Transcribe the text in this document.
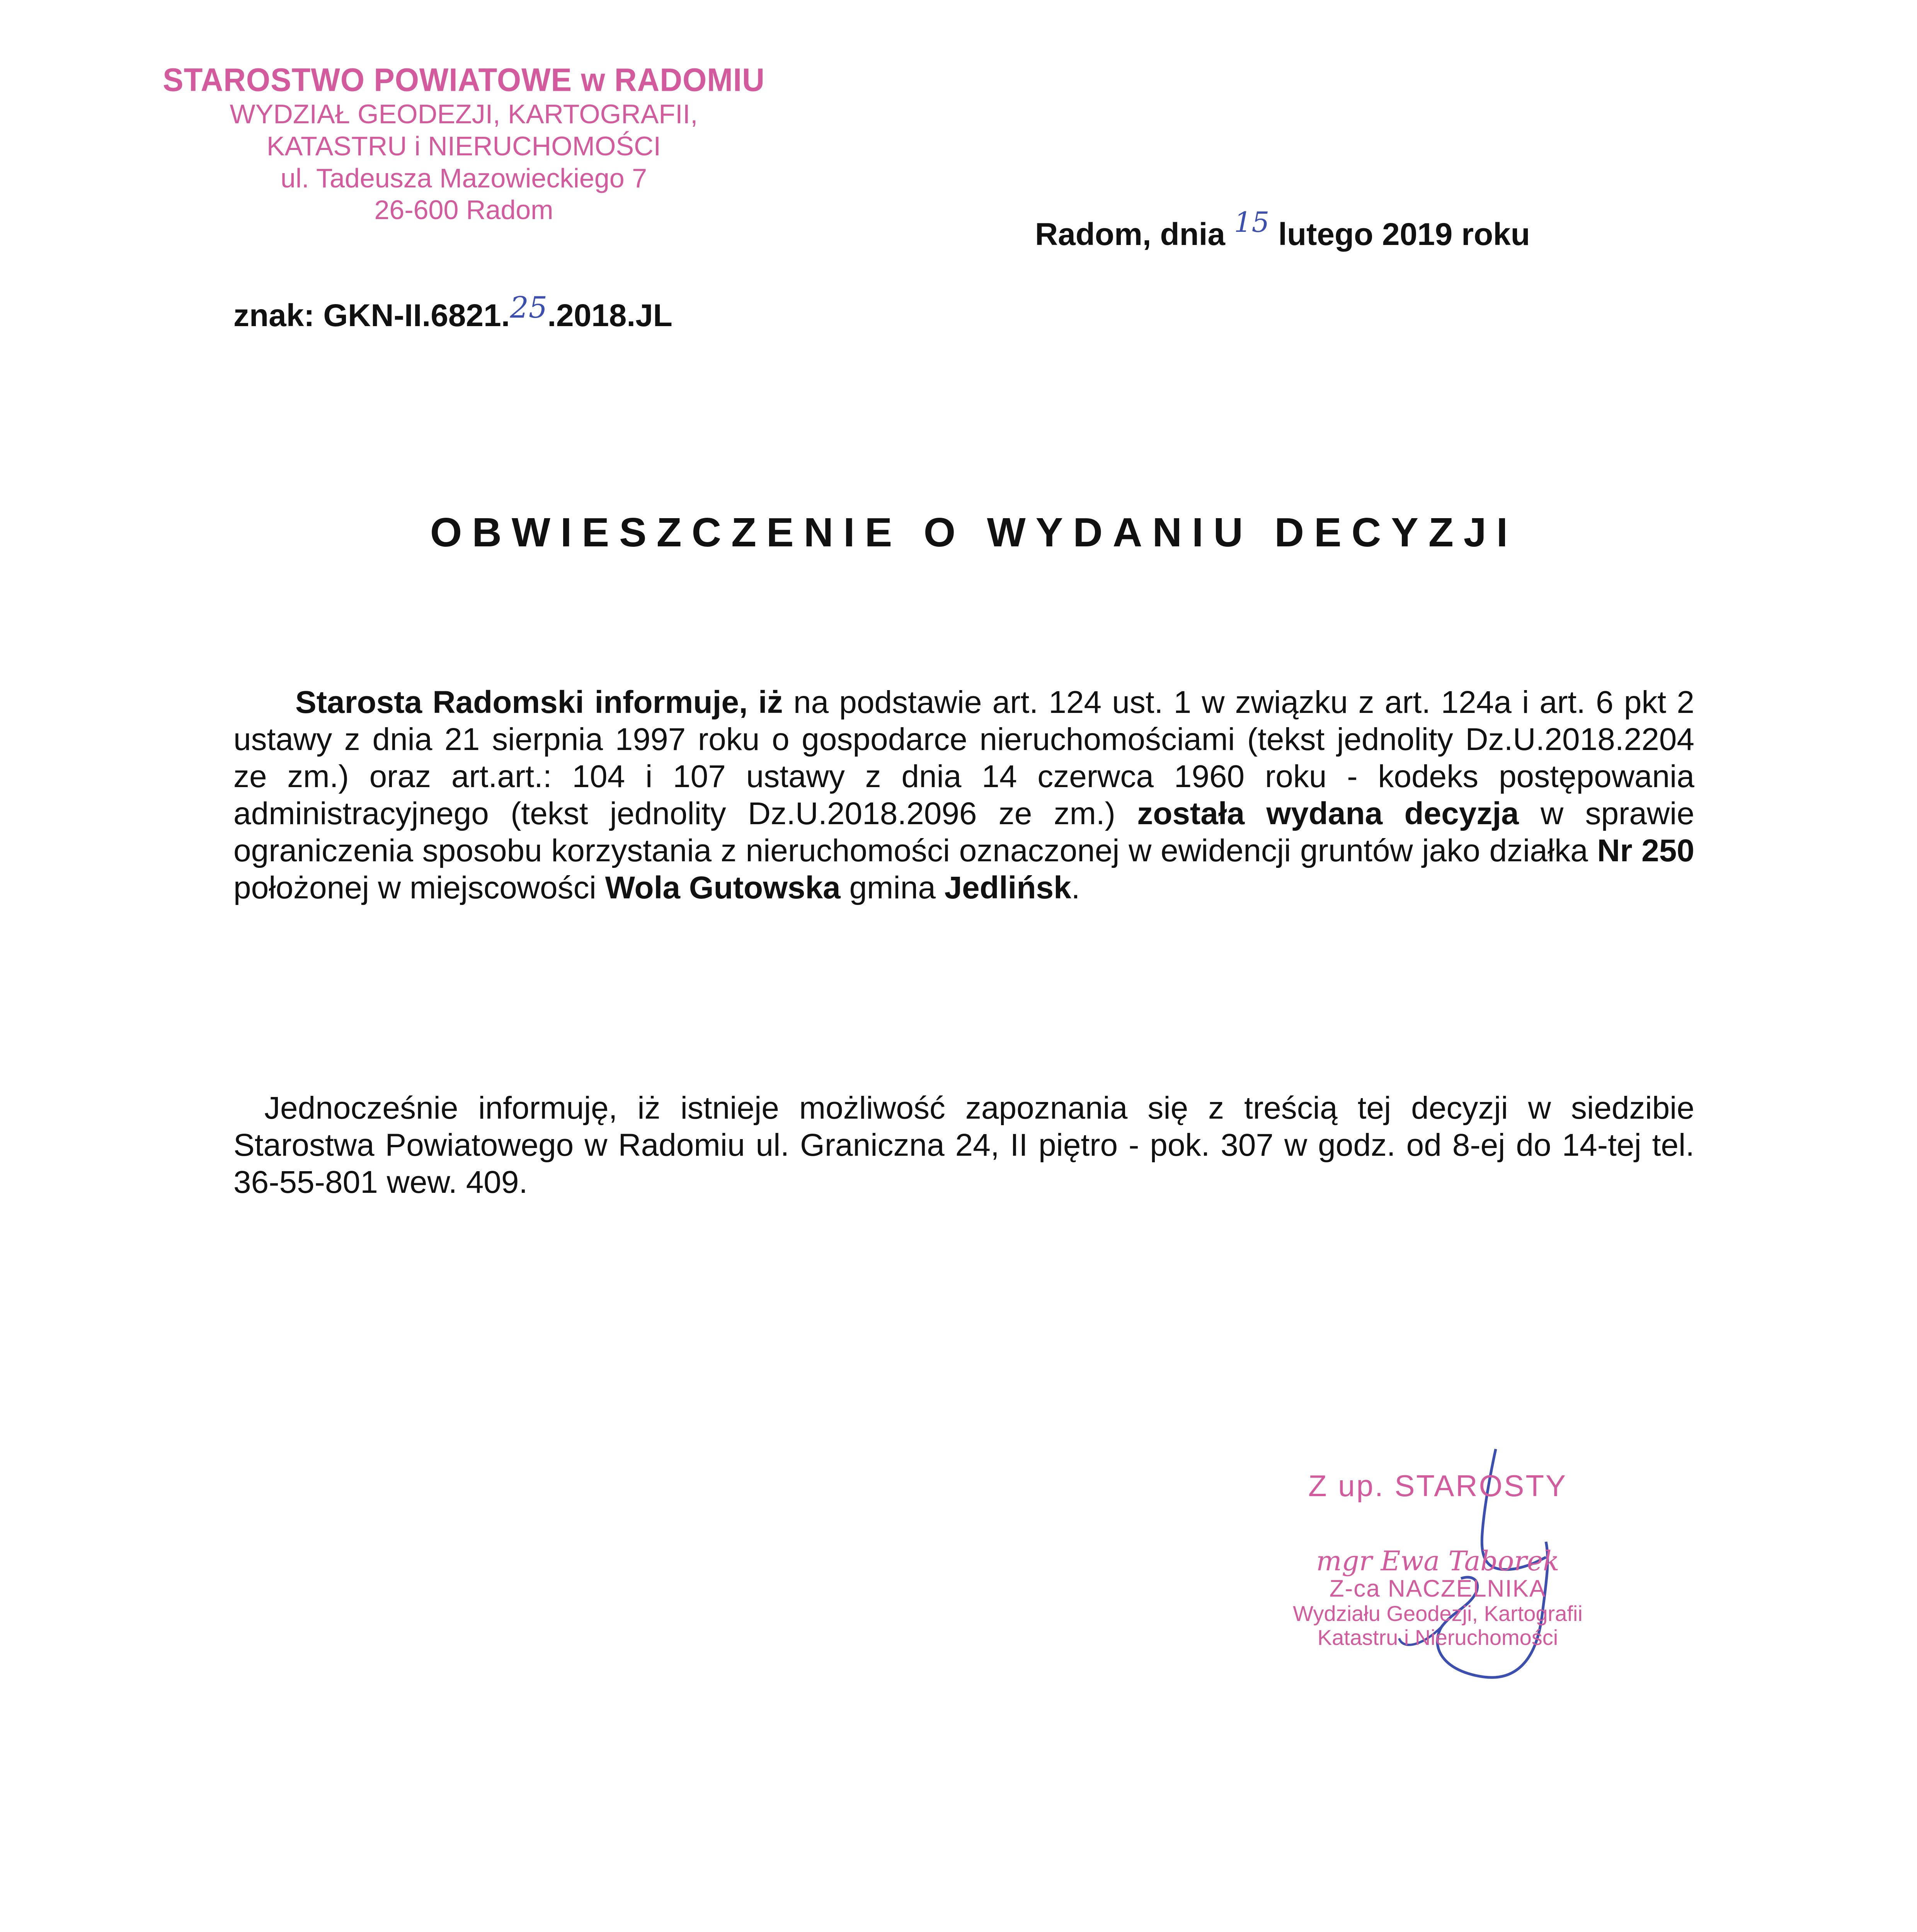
STAROSTWO POWIATOWE w RADOMIU
WYDZIAŁ GEODEZJI, KARTOGRAFII,
KATASTRU i NIERUCHOMOŚCI
ul. Tadeusza Mazowieckiego 7
26-600 Radom
Radom, dnia 15 lutego 2019 roku
znak: GKN-II.6821.25.2018.JL
OBWIESZCZENIE O WYDANIU DECYZJI
Starosta Radomski informuje, iż na podstawie art. 124 ust. 1 w związku z art. 124a i art. 6 pkt 2 ustawy z dnia 21 sierpnia 1997 roku o gospodarce nieruchomościami (tekst jednolity Dz.U.2018.2204 ze zm.) oraz art.art.: 104 i 107 ustawy z dnia 14 czerwca 1960 roku - kodeks postępowania administracyjnego (tekst jednolity Dz.U.2018.2096 ze zm.) została wydana decyzja w sprawie ograniczenia sposobu korzystania z nieruchomości oznaczonej w ewidencji gruntów jako działka Nr 250 położonej w miejscowości Wola Gutowska gmina Jedlińsk.
Jednocześnie informuję, iż istnieje możliwość zapoznania się z treścią tej decyzji w siedzibie Starostwa Powiatowego w Radomiu ul. Graniczna 24, II piętro - pok. 307 w godz. od 8-ej do 14-tej tel. 36-55-801 wew. 409.
Z up. STAROSTY
mgr Ewa Taborek
Z-ca NACZELNIKA
Wydziału Geodezji, Kartografii
Katastru i Nieruchomości
